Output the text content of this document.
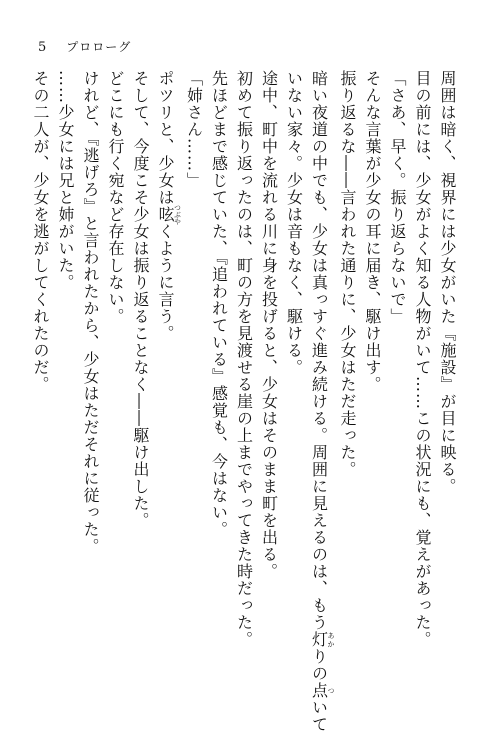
5 プロローグ
周囲は暗く、視界には少女がいた『施設』が目に映る。
目の前には、少女がよく知る人物がいて……この状況にも、覚えがあった。
「さあ、早く。振り返らないで」
そんな言葉が少女の耳に届き、駆け出す。
振り返るな――言われた通りに、少女はただ走った。
暗い夜道の中でも、少女は真っすぐ進み続ける。周囲に見えるのは、もう灯あかりの点ついて
いない家々。少女は音もなく、駆ける。
途中、町中を流れる川に身を投げると、少女はそのまま町を出る。
初めて振り返ったのは、町の方を見渡せる崖の上までやってきた時だった。
先ほどまで感じていた、『追われている』感覚も、今はない。
「姉さん……」
ポツリと、少女は呟つぶやくように言う。
そして、今度こそ少女は振り返ることなく――駆け出した。
どこにも行く宛など存在しない。
けれど、『逃げろ』と言われたから、少女はただそれに従った。
……少女には兄と姉がいた。
その二人が、少女を逃がしてくれたのだ。
